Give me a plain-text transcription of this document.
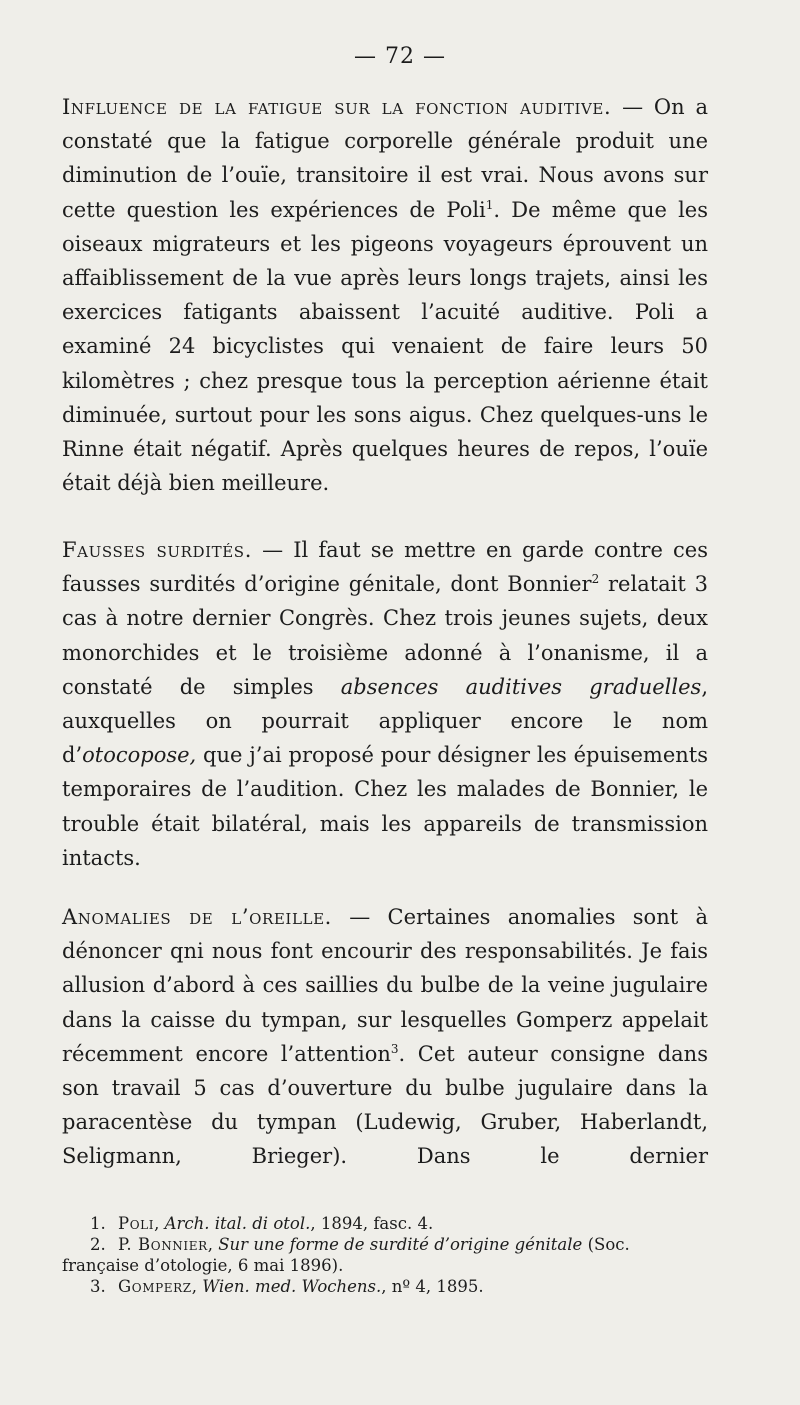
— 72 —

Influence de la fatigue sur la fonction auditive. — On a constaté que la fatigue corporelle générale produit une diminution de l’ouïe, transitoire il est vrai. Nous avons sur cette question les expériences de Poli$^1$. De même que les oiseaux migrateurs et les pigeons voyageurs éprouvent un affaiblissement de la vue après leurs longs trajets, ainsi les exercices fatigants abaissent l’acuité auditive. Poli a examiné 24 bicyclistes qui venaient de faire leurs 50 kilomètres ; chez presque tous la perception aérienne était diminuée, surtout pour les sons aigus. Chez quelques-uns le Rinne était négatif. Après quelques heures de repos, l’ouïe était déjà bien meilleure.

Fausses surdités. — Il faut se mettre en garde contre ces fausses surdités d’origine génitale, dont Bonnier$^2$ relatait 3 cas à notre dernier Congrès. Chez trois jeunes sujets, deux monorchides et le troisième adonné à l’onanisme, il a constaté de simples absences auditives graduelles, auxquelles on pourrait appliquer encore le nom d’otocopose, que j’ai proposé pour désigner les épuisements temporaires de l’audition. Chez les malades de Bonnier, le trouble était bilatéral, mais les appareils de transmission intacts.

Anomalies de l’oreille. — Certaines anomalies sont à dénoncer qni nous font encourir des responsabilités. Je fais allusion d’abord à ces saillies du bulbe de la veine jugulaire dans la caisse du tympan, sur lesquelles Gomperz appelait récemment encore l’attention$^3$. Cet auteur consigne dans son travail 5 cas d’ouverture du bulbe jugulaire dans la paracentèse du tympan (Ludewig, Gruber, Haberlandt, Seligmann, Brieger). Dans le dernier

1. Poli, Arch. ital. di otol., 1894, fasc. 4.

2. P. Bonnier, Sur une forme de surdité d’origine génitale (Soc. française d’otologie, 6 mai 1896).

3. Gomperz, Wien. med. Wochens., nº 4, 1895.
